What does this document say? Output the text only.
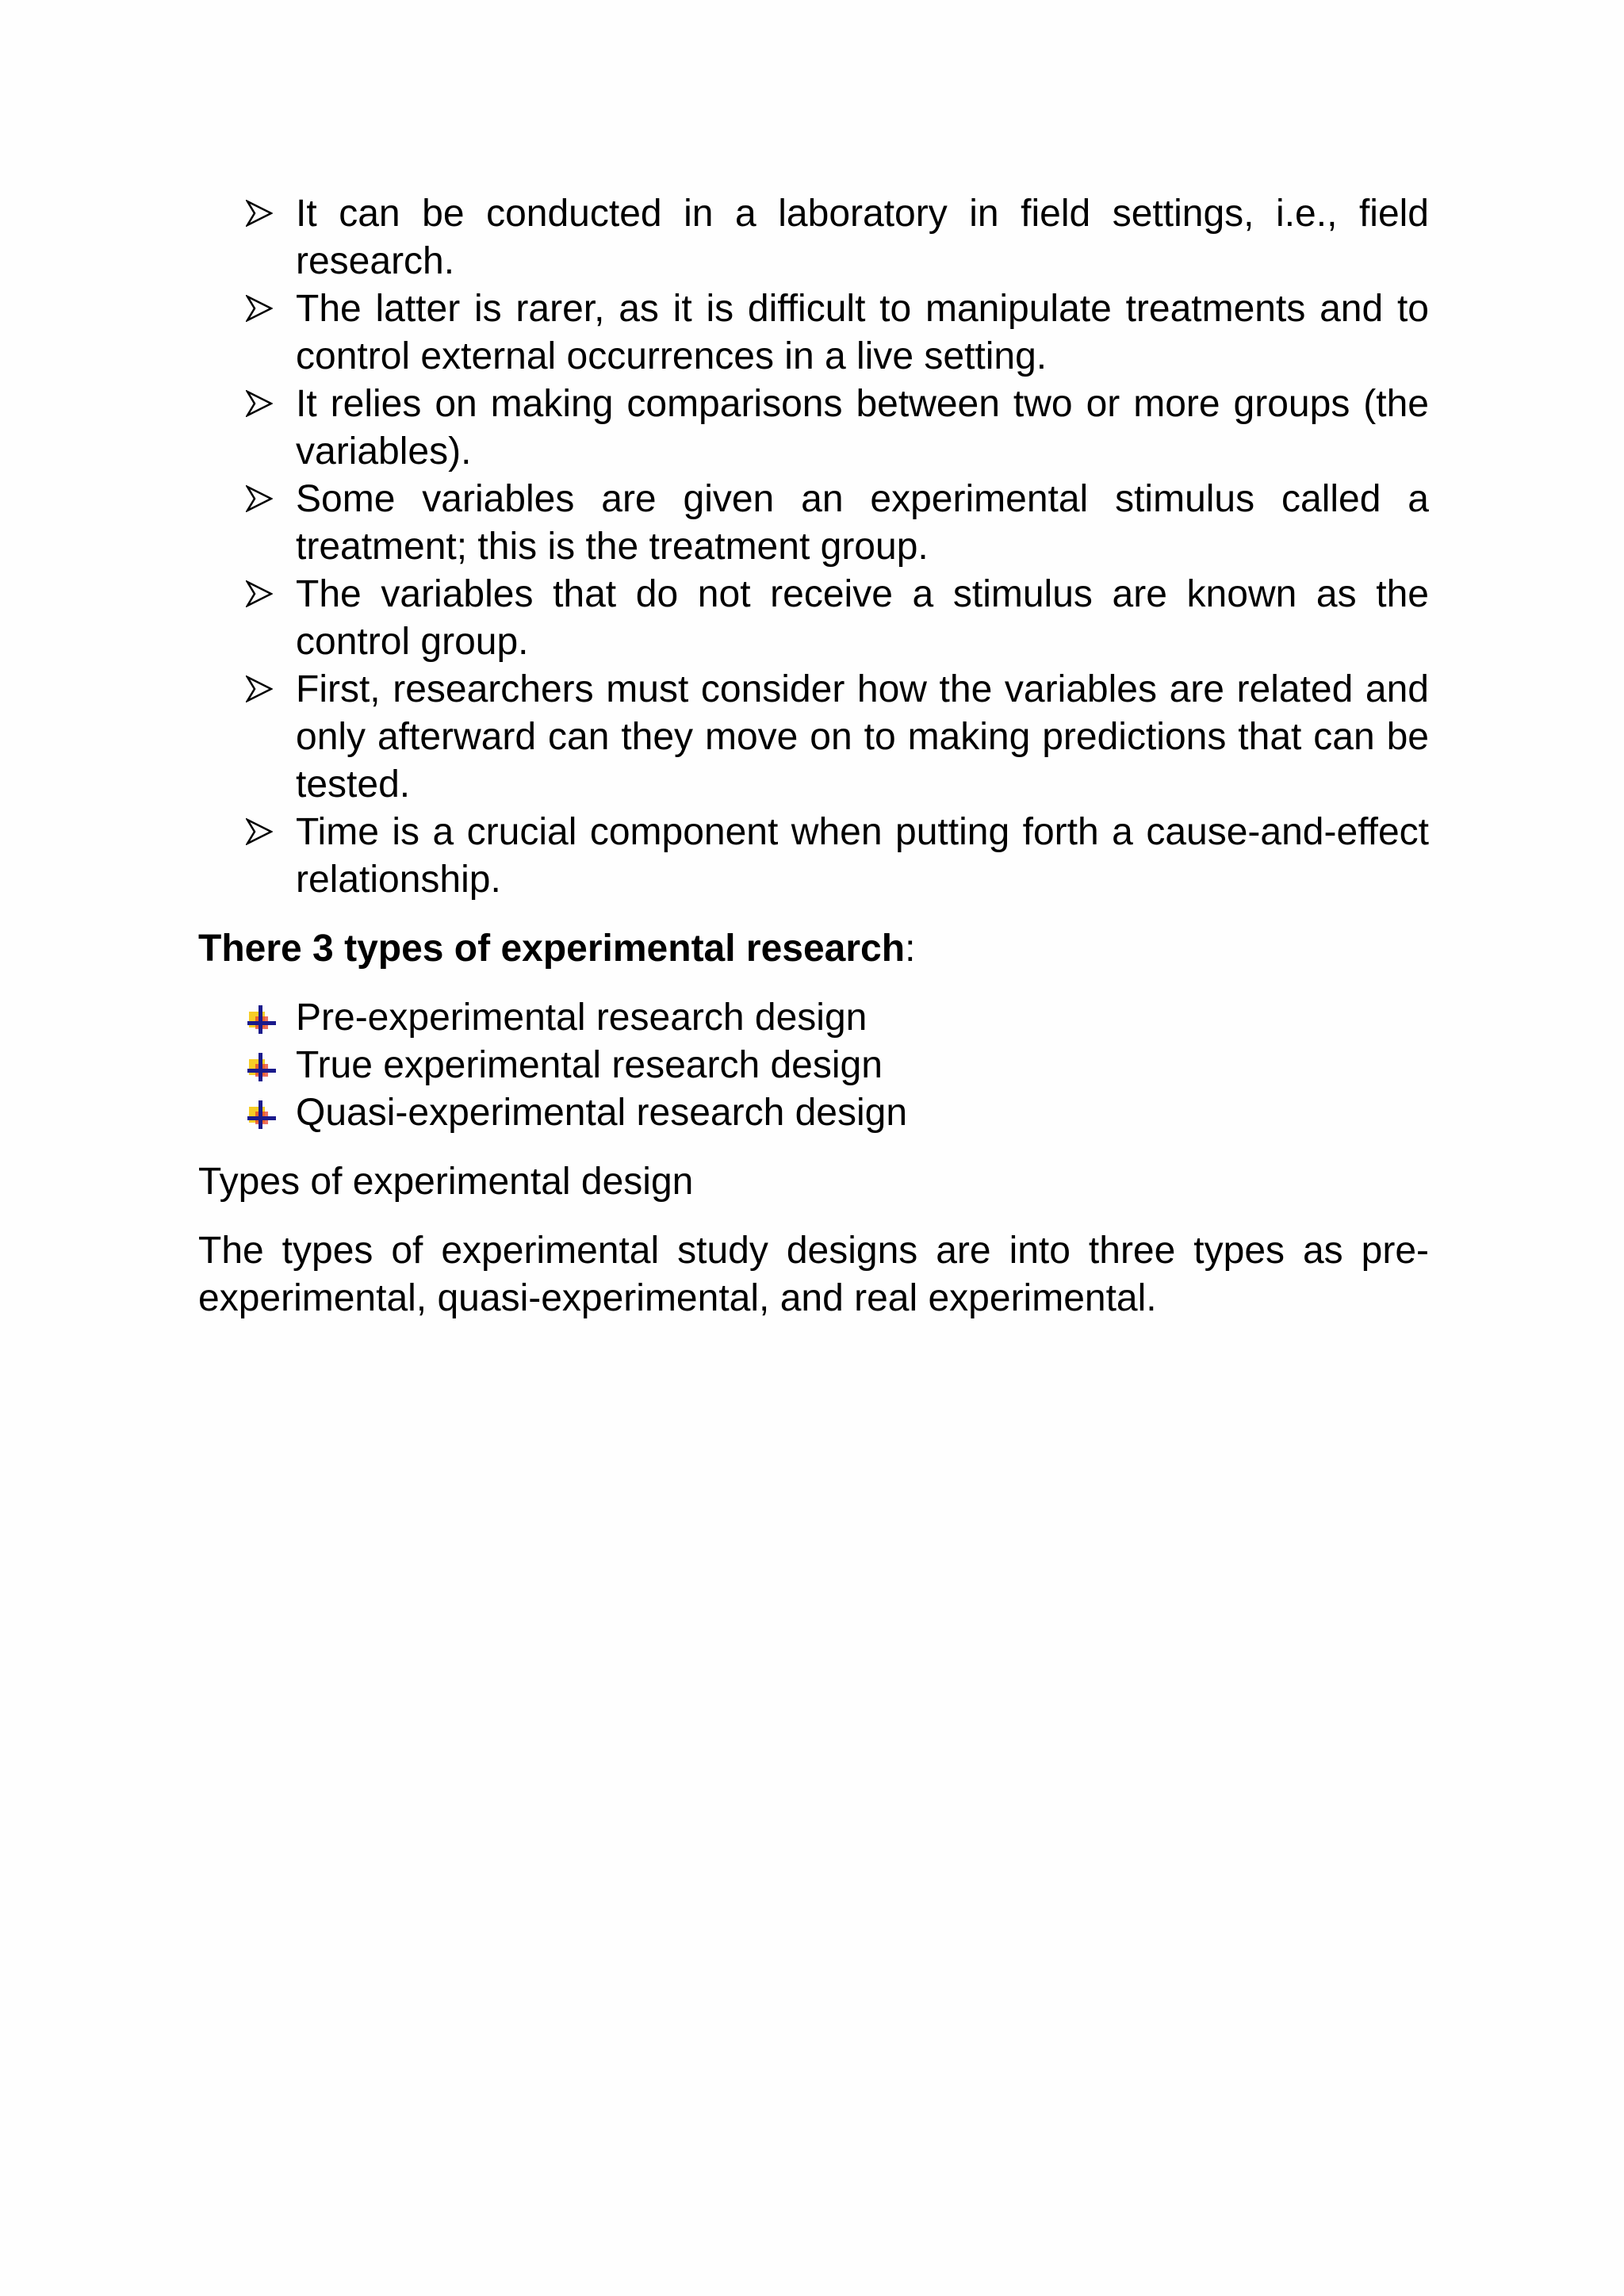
It can be conducted in a laboratory in field settings, i.e., field research.
The latter is rarer, as it is difficult to manipulate treatments and to control external occurrences in a live setting.
It relies on making comparisons between two or more groups (the variables).
Some variables are given an experimental stimulus called a treatment; this is the treatment group.
The variables that do not receive a stimulus are known as the control group.
First, researchers must consider how the variables are related and only afterward can they move on to making predictions that can be tested.
Time is a crucial component when putting forth a cause-and-effect relationship.

There 3 types of experimental research:

Pre-experimental research design
True experimental research design
Quasi-experimental research design

Types of experimental design

The types of experimental study designs are into three types as pre-experimental, quasi-experimental, and real experimental.
